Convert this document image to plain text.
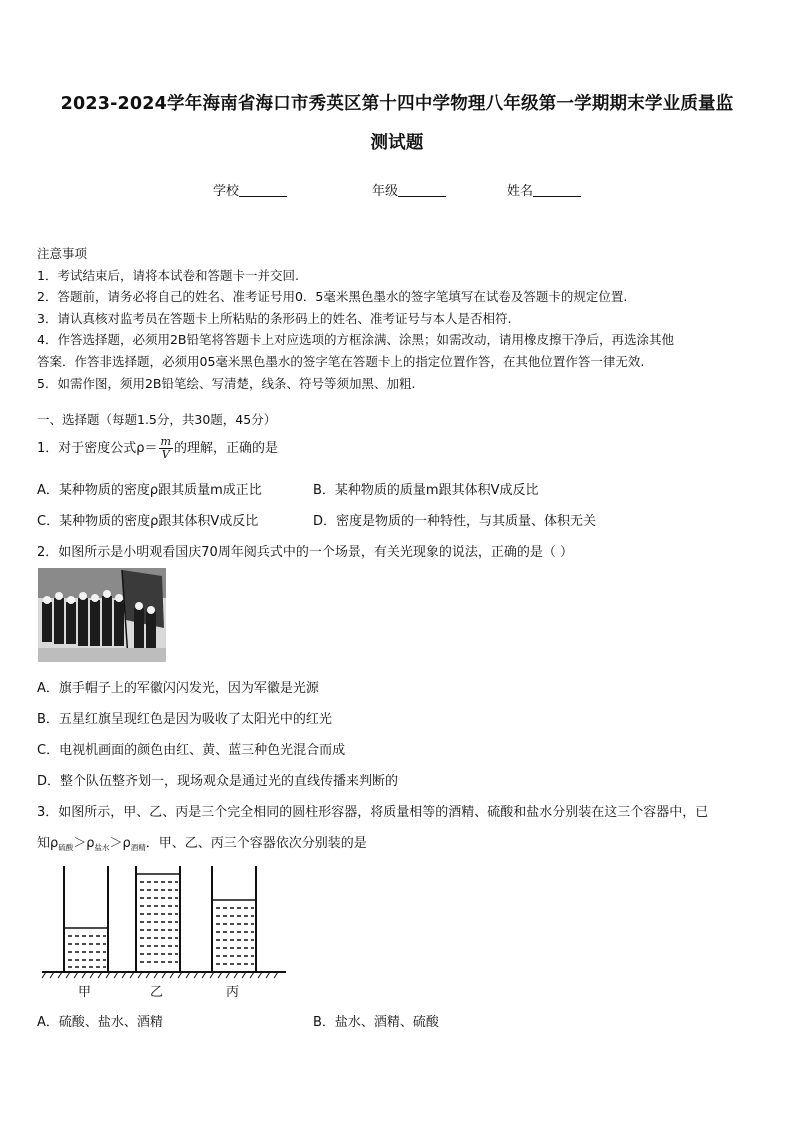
2023-2024学年海南省海口市秀英区第十四中学物理八年级第一学期期末学业质量监
测试题
学校	年级	姓名
注意事项
1．考试结束后，请将本试卷和答题卡一并交回.
2．答题前，请务必将自己的姓名、准考证号用0．5毫米黑色墨水的签字笔填写在试卷及答题卡的规定位置.
3．请认真核对监考员在答题卡上所粘贴的条形码上的姓名、准考证号与本人是否相符.
4．作答选择题，必须用2B铅笔将答题卡上对应选项的方框涂满、涂黑；如需改动，请用橡皮擦干净后，再选涂其他
答案．作答非选择题，必须用05毫米黑色墨水的签字笔在答题卡上的指定位置作答，在其他位置作答一律无效.
5．如需作图，须用2B铅笔绘、写清楚，线条、符号等须加黑、加粗.
一、选择题（每题1.5分，共30题，45分）
1．对于密度公式$\rho= \frac{m}{V}$ 的理解，正确的是
A．某种物质的密度ρ跟其质量m成正比	B．某种物质的质量m跟其体积V成反比
C．某种物质的密度ρ跟其体积V成反比	D．密度是物质的一种特性，与其质量、体积无关
2．如图所示是小明观看国庆70周年阅兵式中的一个场景，有关光现象的说法，正确的是（ ）
A．旗手帽子上的军徽闪闪发光，因为军徽是光源
B．五星红旗呈现红色是因为吸收了太阳光中的红光
C．电视机画面的颜色由红、黄、蓝三种色光混合而成
D．整个队伍整齐划一，现场观众是通过光的直线传播来判断的
3．如图所示，甲、乙、丙是三个完全相同的圆柱形容器，将质量相等的酒精、硫酸和盐水分别装在这三个容器中，已
知$\rho_{硫酸}>\rho_{盐水}>\rho_{酒精}$．甲、乙、丙三个容器依次分别装的是
甲	乙	丙
A．硫酸、盐水、酒精	B．盐水、酒精、硫酸
